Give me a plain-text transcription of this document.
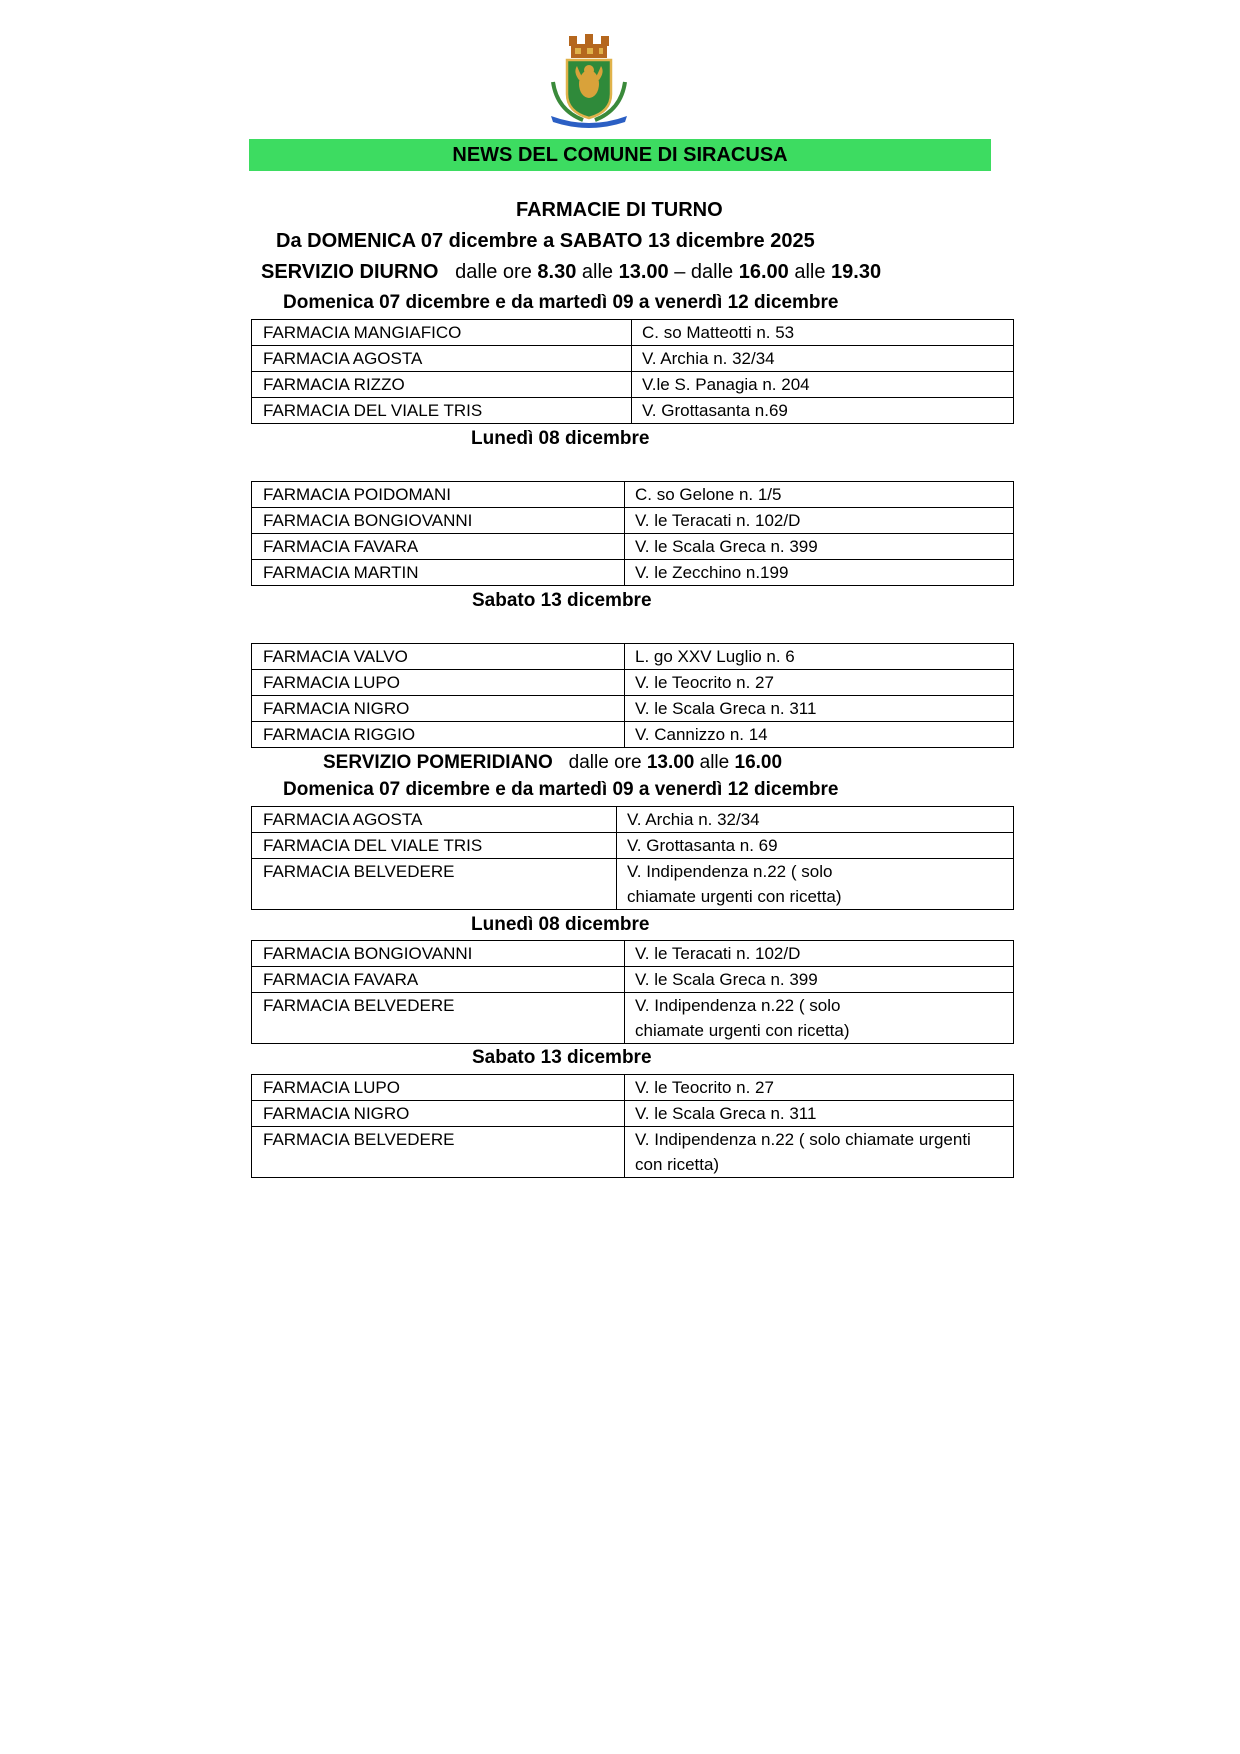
NEWS DEL COMUNE DI SIRACUSA
FARMACIE DI TURNO
Da DOMENICA 07 dicembre a SABATO 13 dicembre 2025
SERVIZIO DIURNO dalle ore 8.30 alle 13.00 – dalle 16.00 alle 19.30
Domenica 07 dicembre e da martedì 09 a venerdì 12 dicembre
FARMACIA MANGIAFICO	C. so Matteotti n. 53
FARMACIA AGOSTA	V. Archia n. 32/34
FARMACIA RIZZO	V.le S. Panagia n. 204
FARMACIA DEL VIALE TRIS	V. Grottasanta n.69
Lunedì 08 dicembre
FARMACIA POIDOMANI	C. so Gelone n. 1/5
FARMACIA BONGIOVANNI	V. le Teracati n. 102/D
FARMACIA FAVARA	V. le Scala Greca n. 399
FARMACIA MARTIN	V. le Zecchino n.199
Sabato 13 dicembre
FARMACIA VALVO	L. go XXV Luglio n. 6
FARMACIA LUPO	V. le Teocrito n. 27
FARMACIA NIGRO	V. le Scala Greca n. 311
FARMACIA RIGGIO	V. Cannizzo n. 14
SERVIZIO POMERIDIANO dalle ore 13.00 alle 16.00
Domenica 07 dicembre e da martedì 09 a venerdì 12 dicembre
FARMACIA AGOSTA	V. Archia n. 32/34
FARMACIA DEL VIALE TRIS	V. Grottasanta n. 69
FARMACIA BELVEDERE	V. Indipendenza n.22 ( solo chiamate urgenti con ricetta)
Lunedì 08 dicembre
FARMACIA BONGIOVANNI	V. le Teracati n. 102/D
FARMACIA FAVARA	V. le Scala Greca n. 399
FARMACIA BELVEDERE	V. Indipendenza n.22 ( solo chiamate urgenti con ricetta)
Sabato 13 dicembre
FARMACIA LUPO	V. le Teocrito n. 27
FARMACIA NIGRO	V. le Scala Greca n. 311
FARMACIA BELVEDERE	V. Indipendenza n.22 ( solo chiamate urgenti con ricetta)
